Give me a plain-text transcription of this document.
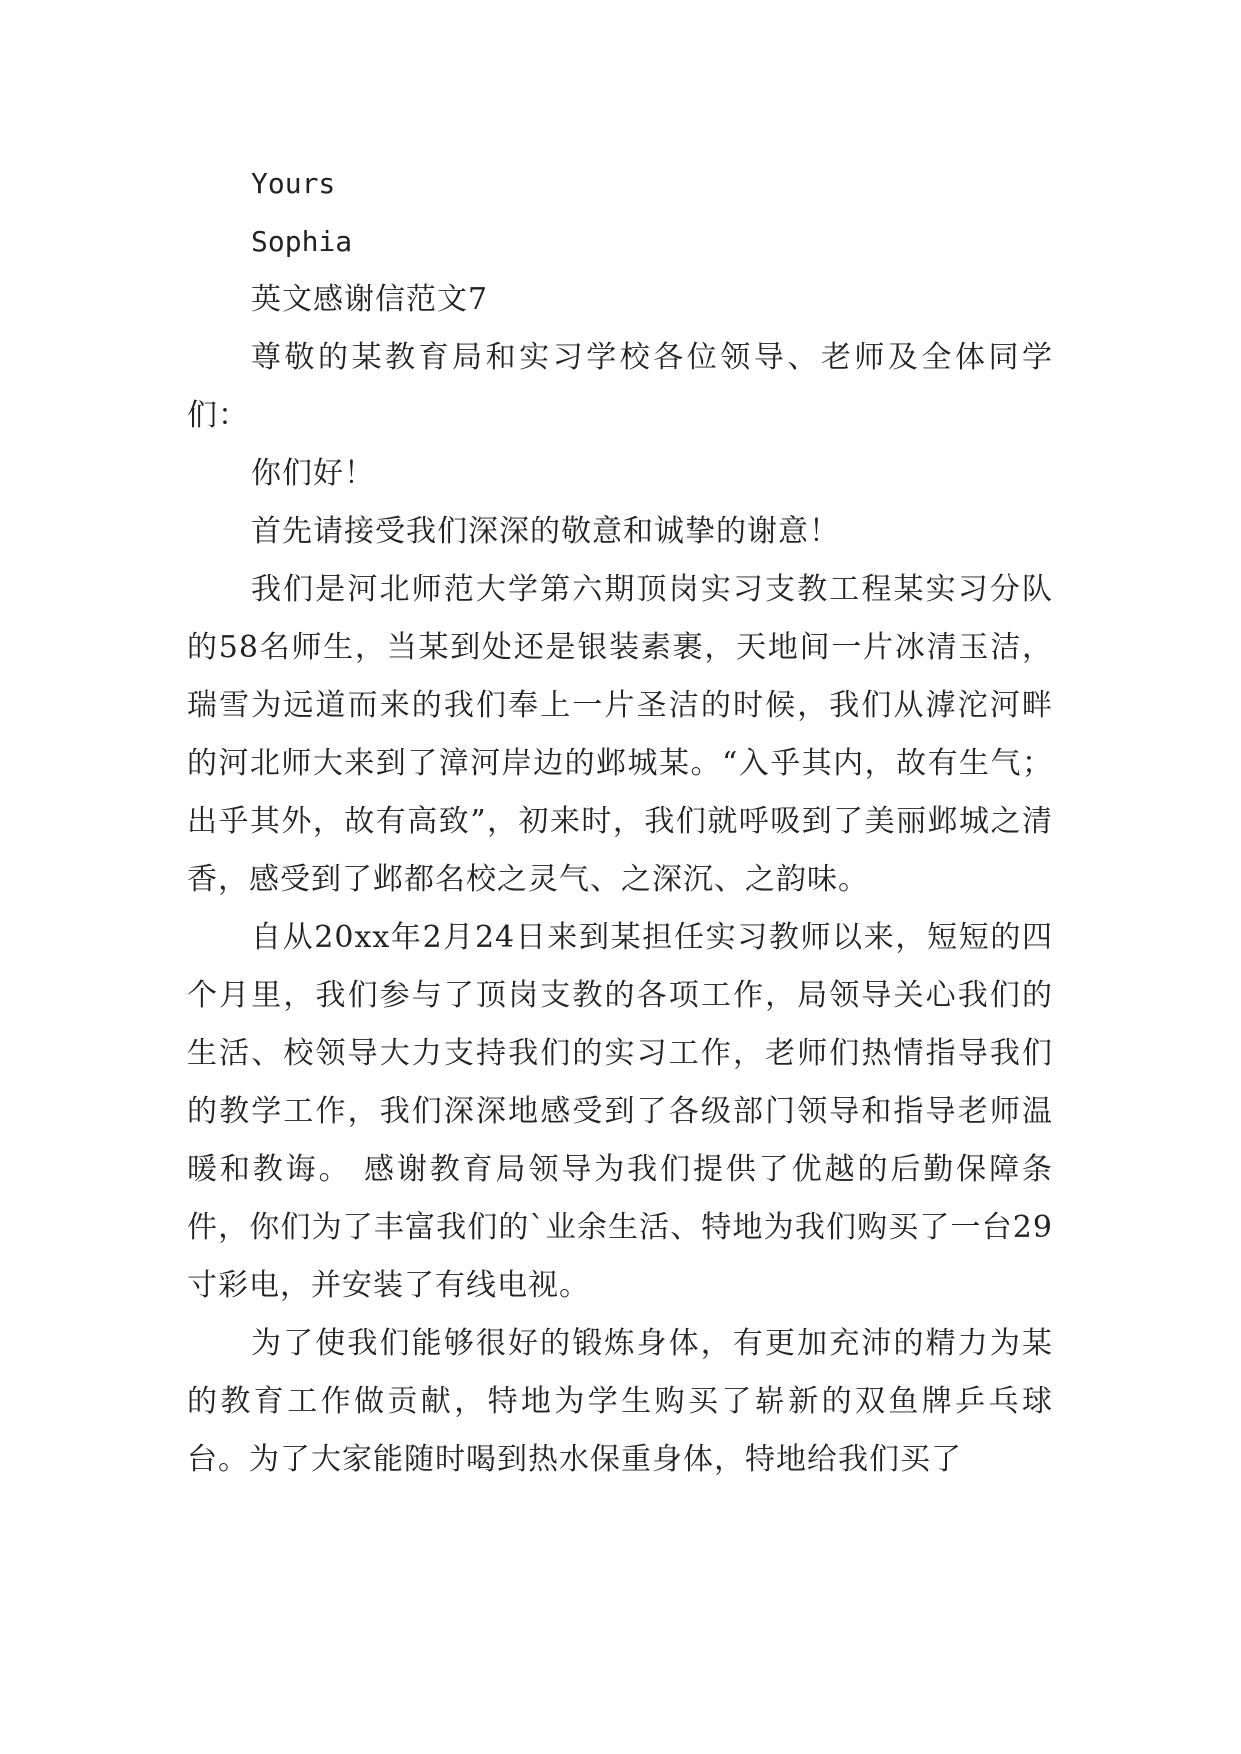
Yours

Sophia

英文感谢信范文7

尊敬的某教育局和实习学校各位领导、老师及全体同学们：

你们好！

首先请接受我们深深的敬意和诚挚的谢意！

我们是河北师范大学第六期顶岗实习支教工程某实习分队的58名师生，当某到处还是银装素裹，天地间一片冰清玉洁，瑞雪为远道而来的我们奉上一片圣洁的时候，我们从滹沱河畔的河北师大来到了漳河岸边的邺城某。“入乎其内，故有生气；出乎其外，故有高致”，初来时，我们就呼吸到了美丽邺城之清香，感受到了邺都名校之灵气、之深沉、之韵味。

自从20xx年2月24日来到某担任实习教师以来，短短的四个月里，我们参与了顶岗支教的各项工作，局领导关心我们的生活、校领导大力支持我们的实习工作，老师们热情指导我们的教学工作，我们深深地感受到了各级部门领导和指导老师温暖和教诲。 感谢教育局领导为我们提供了优越的后勤保障条件，你们为了丰富我们的`业余生活、特地为我们购买了一台29寸彩电，并安装了有线电视。

为了使我们能够很好的锻炼身体，有更加充沛的精力为某的教育工作做贡献，特地为学生购买了崭新的双鱼牌乒乓球台。为了大家能随时喝到热水保重身体，特地给我们买了
